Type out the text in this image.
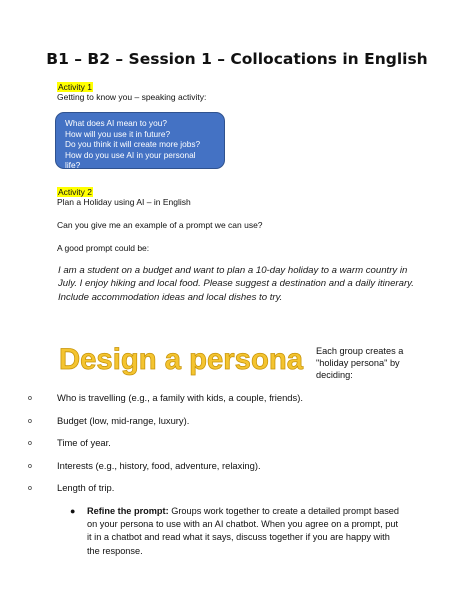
B1 – B2 – Session 1 – Collocations in English
Activity 1
Getting to know you – speaking activity:
What does AI mean to you?
How will you use it in future?
Do you think it will create more jobs?
How do you use AI in your personal
life?
Activity 2
Plan a Holiday using AI – in English
Can you give me an example of a prompt we can use?
A good prompt could be:
I am a student on a budget and want to plan a 10-day holiday to a warm country in
July. I enjoy hiking and local food. Please suggest a destination and a daily itinerary.
Include accommodation ideas and local dishes to try.
Design a persona Each group creates a
"holiday persona" by
deciding:
o	Who is travelling (e.g., a family with kids, a couple, friends).
o	Budget (low, mid-range, luxury).
o	Time of year.
o	Interests (e.g., history, food, adventure, relaxing).
o	Length of trip.
● Refine the prompt: Groups work together to create a detailed prompt based
on your persona to use with an AI chatbot. When you agree on a prompt, put
it in a chatbot and read what it says, discuss together if you are happy with
the response.
